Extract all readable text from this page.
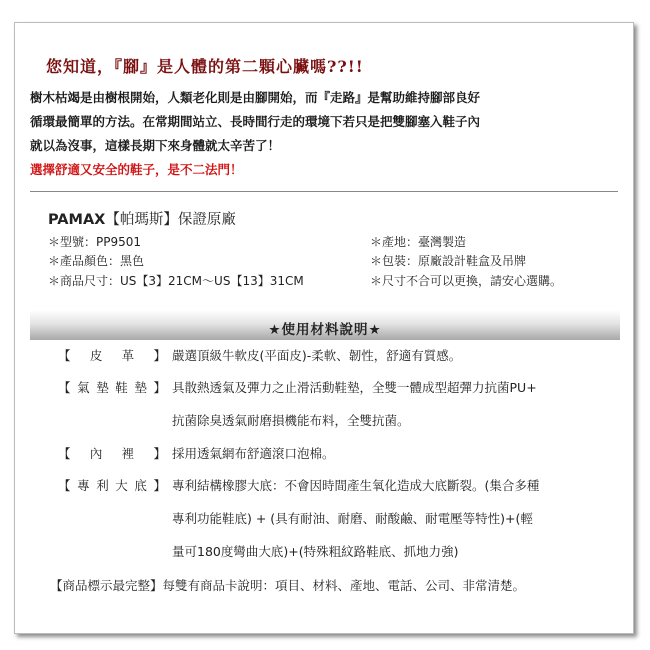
您知道，『腳』是人體的第二顆心臟嗎??!!
樹木枯竭是由樹根開始，人類老化則是由腳開始，而『走路』是幫助維持腳部良好
循環最簡單的方法。在常期間站立、長時間行走的環境下若只是把雙腳塞入鞋子內
就以為沒事，這樣長期下來身體就太辛苦了！
選擇舒適又安全的鞋子，是不二法門！
PAMAX【帕瑪斯】保證原廠
＊型號：PP9501
＊產品顏色：黑色
＊商品尺寸：US【3】21CM～US【13】31CM
＊產地：臺灣製造
＊包裝：原廠設計鞋盒及吊牌
＊尺寸不合可以更換，請安心選購。
★使用材料說明★
【 皮 革 】 嚴選頂級牛軟皮(平面皮)-柔軟、韌性，舒適有質感。
【 氣 墊 鞋 墊 】 具散熱透氣及彈力之止滑活動鞋墊，全雙一體成型超彈力抗菌PU+
抗菌除臭透氣耐磨損機能布料，全雙抗菌。
【 內 裡 】 採用透氣網布舒適滾口泡棉。
【 專 利 大 底 】 專利結構橡膠大底：不會因時間產生氧化造成大底斷裂。(集合多種
專利功能鞋底) + (具有耐油、耐磨、耐酸鹼、耐電壓等特性)+(輕
量可180度彎曲大底)+(特殊粗紋路鞋底、抓地力強)
【商品標示最完整】每雙有商品卡說明：項目、材料、產地、電話、公司、非常清楚。
